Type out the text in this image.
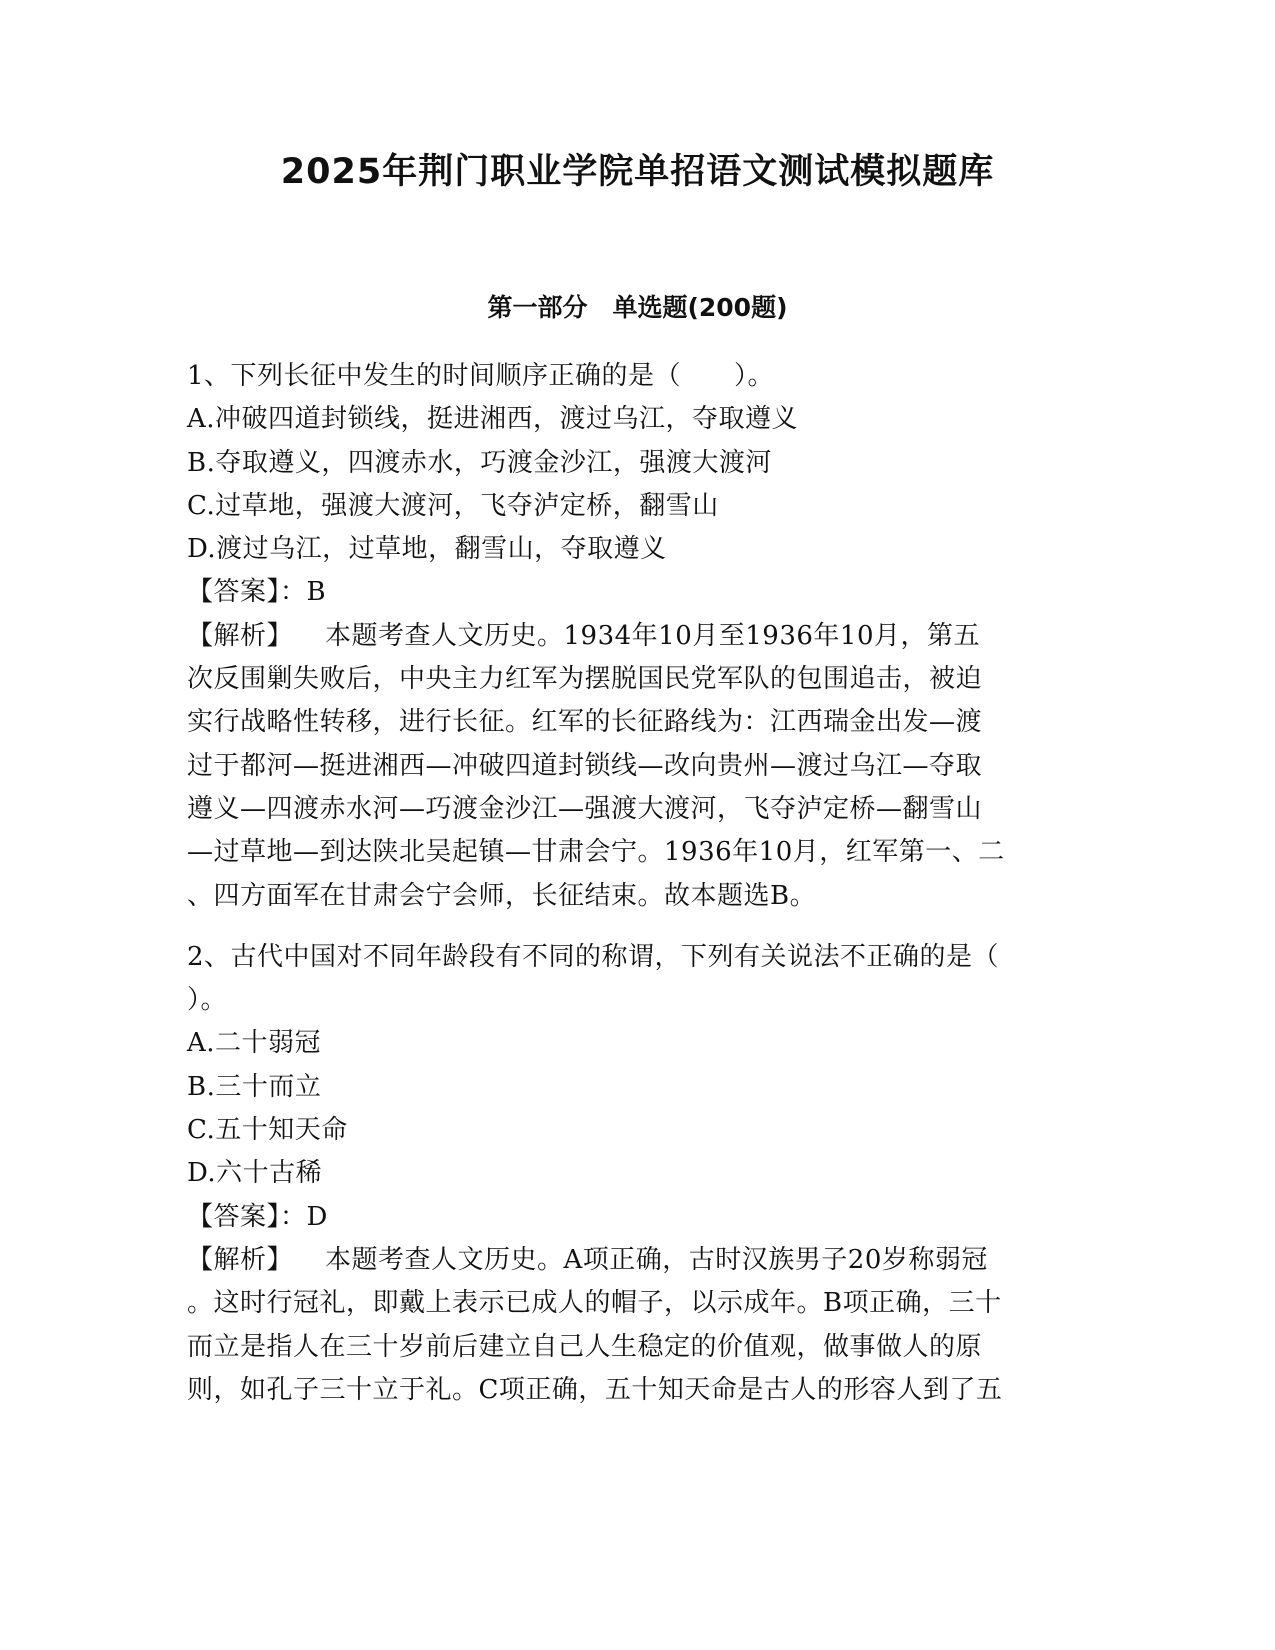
2025年荆门职业学院单招语文测试模拟题库
第一部分　单选题(200题)
1、下列长征中发生的时间顺序正确的是（　　）。
A.冲破四道封锁线，挺进湘西，渡过乌江，夺取遵义
B.夺取遵义，四渡赤水，巧渡金沙江，强渡大渡河
C.过草地，强渡大渡河，飞夺泸定桥，翻雪山
D.渡过乌江，过草地，翻雪山，夺取遵义
【答案】：B
【解析】 本题考查人文历史。1934年10月至1936年10月，第五
次反围剿失败后，中央主力红军为摆脱国民党军队的包围追击，被迫
实行战略性转移，进行长征。红军的长征路线为：江西瑞金出发—渡
过于都河—挺进湘西—冲破四道封锁线—改向贵州—渡过乌江—夺取
遵义—四渡赤水河—巧渡金沙江—强渡大渡河，飞夺泸定桥—翻雪山
—过草地—到达陕北吴起镇—甘肃会宁。1936年10月，红军第一、二
、四方面军在甘肃会宁会师，长征结束。故本题选B。
2、古代中国对不同年龄段有不同的称谓，下列有关说法不正确的是（
）。
A.二十弱冠
B.三十而立
C.五十知天命
D.六十古稀
【答案】：D
【解析】 本题考查人文历史。A项正确，古时汉族男子20岁称弱冠
。这时行冠礼，即戴上表示已成人的帽子，以示成年。B项正确，三十
而立是指人在三十岁前后建立自己人生稳定的价值观，做事做人的原
则，如孔子三十立于礼。C项正确，五十知天命是古人的形容人到了五
